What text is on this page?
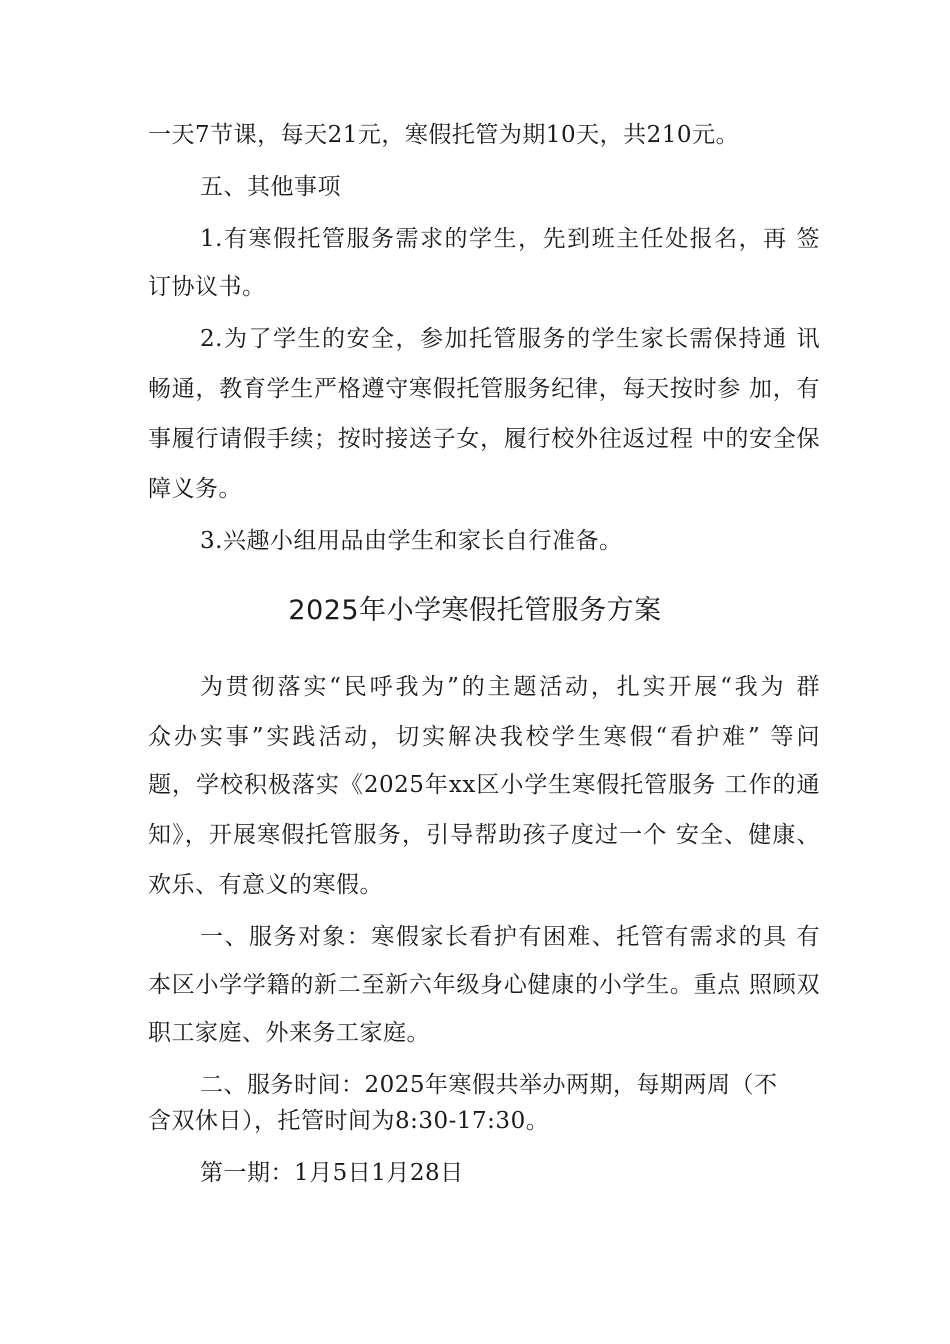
一天7节课，每天21元，寒假托管为期10天，共210元。
五、其他事项
1.有寒假托管服务需求的学生，先到班主任处报名，再 签
订协议书。
2.为了学生的安全，参加托管服务的学生家长需保持通 讯
畅通，教育学生严格遵守寒假托管服务纪律，每天按时参 加，有
事履行请假手续；按时接送子女，履行校外往返过程 中的安全保
障义务。
3.兴趣小组用品由学生和家长自行准备。
2025年小学寒假托管服务方案
为贯彻落实“民呼我为”的主题活动，扎实开展“我为 群
众办实事”实践活动，切实解决我校学生寒假“看护难” 等问
题，学校积极落实《2025年xx区小学生寒假托管服务 工作的通
知》，开展寒假托管服务，引导帮助孩子度过一个 安全、健康、
欢乐、有意义的寒假。
一、服务对象：寒假家长看护有困难、托管有需求的具 有
本区小学学籍的新二至新六年级身心健康的小学生。重点 照顾双
职工家庭、外来务工家庭。
二、服务时间：2025年寒假共举办两期，每期两周（不
含双休日），托管时间为8:30-17:30。
第一期：1月5日1月28日
